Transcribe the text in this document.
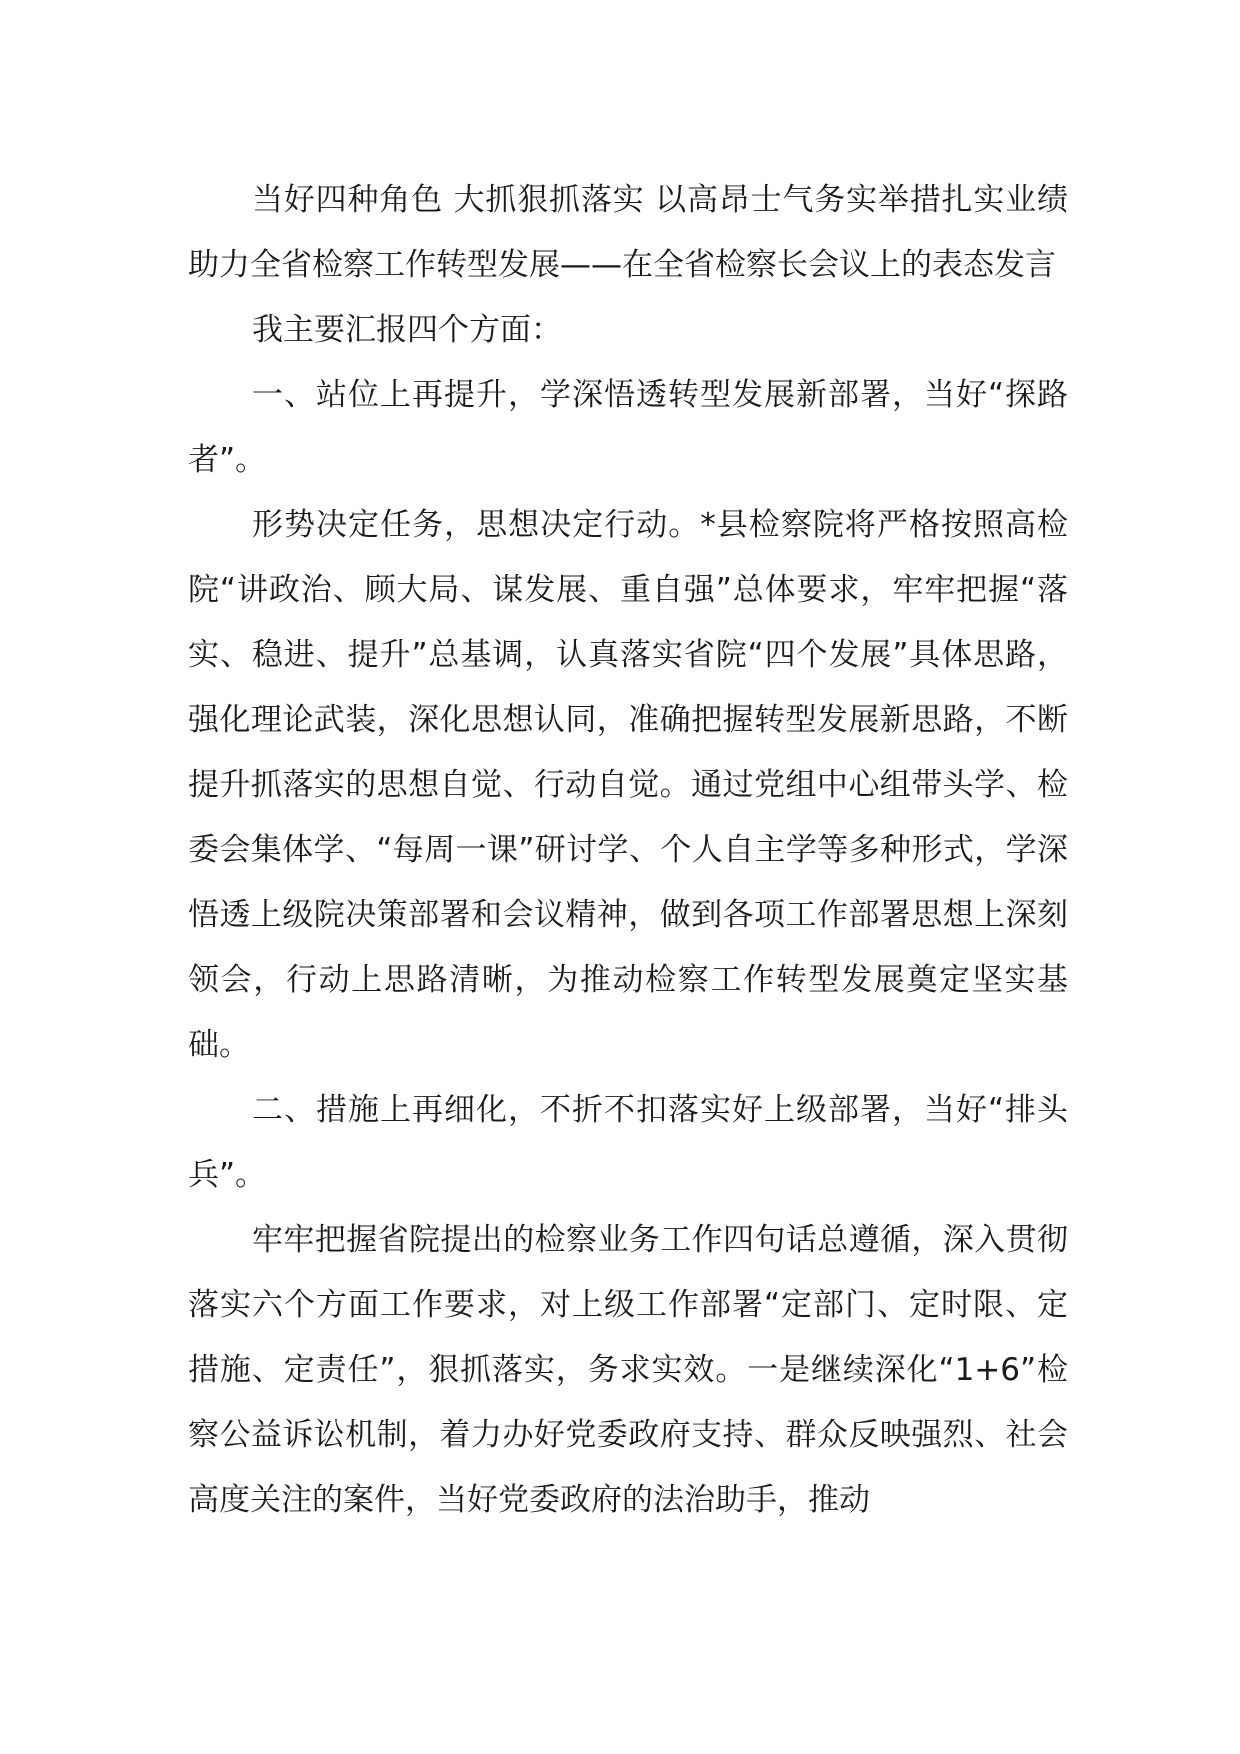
当好四种角色 大抓狠抓落实 以高昂士气务实举措扎实业绩助力全省检察工作转型发展——在全省检察长会议上的表态发言

我主要汇报四个方面：

一、站位上再提升，学深悟透转型发展新部署，当好“探路者”。

形势决定任务，思想决定行动。*县检察院将严格按照高检院“讲政治、顾大局、谋发展、重自强”总体要求，牢牢把握“落实、稳进、提升”总基调，认真落实省院“四个发展”具体思路，强化理论武装，深化思想认同，准确把握转型发展新思路，不断提升抓落实的思想自觉、行动自觉。通过党组中心组带头学、检委会集体学、“每周一课”研讨学、个人自主学等多种形式，学深悟透上级院决策部署和会议精神，做到各项工作部署思想上深刻领会，行动上思路清晰，为推动检察工作转型发展奠定坚实基础。

二、措施上再细化，不折不扣落实好上级部署，当好“排头兵”。

牢牢把握省院提出的检察业务工作四句话总遵循，深入贯彻落实六个方面工作要求，对上级工作部署“定部门、定时限、定措施、定责任”，狠抓落实，务求实效。一是继续深化“1+6”检察公益诉讼机制，着力办好党委政府支持、群众反映强烈、社会高度关注的案件，当好党委政府的法治助手，推动
